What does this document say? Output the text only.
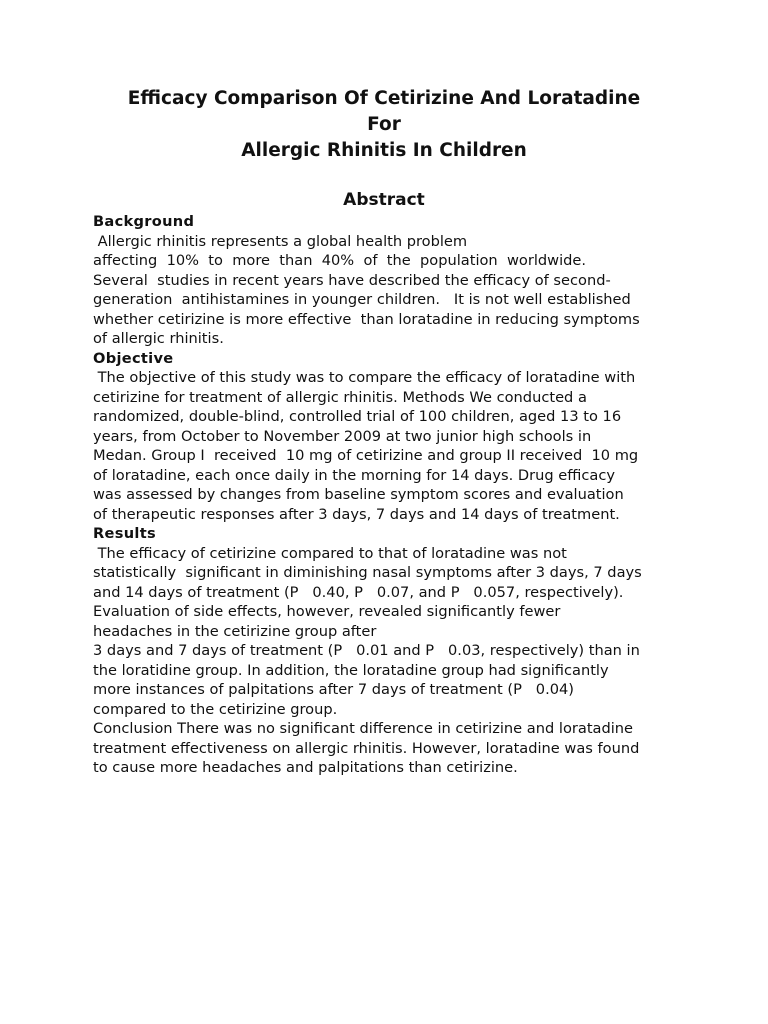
Efficacy Comparison Of Cetirizine And Loratadine
For
Allergic Rhinitis In Children
Abstract
Background
Allergic rhinitis represents a global health problem
affecting  10%  to  more  than  40%  of  the  population  worldwide.
Several  studies in recent years have described the efficacy of second-
generation  antihistamines in younger children.   It is not well established
whether cetirizine is more effective  than loratadine in reducing symptoms
of allergic rhinitis.
Objective
The objective of this study was to compare the efficacy of loratadine with
cetirizine for treatment of allergic rhinitis. Methods We conducted a
randomized, double-blind, controlled trial of 100 children, aged 13 to 16
years, from October to November 2009 at two junior high schools in
Medan. Group I  received  10 mg of cetirizine and group II received  10 mg
of loratadine, each once daily in the morning for 14 days. Drug efficacy
was assessed by changes from baseline symptom scores and evaluation
of therapeutic responses after 3 days, 7 days and 14 days of treatment.
Results
The efficacy of cetirizine compared to that of loratadine was not
statistically  significant in diminishing nasal symptoms after 3 days, 7 days
and 14 days of treatment (P   0.40, P   0.07, and P   0.057, respectively).
Evaluation of side effects, however, revealed significantly fewer
headaches in the cetirizine group after
3 days and 7 days of treatment (P   0.01 and P   0.03, respectively) than in
the loratidine group. In addition, the loratadine group had significantly
more instances of palpitations after 7 days of treatment (P   0.04)
compared to the cetirizine group.
Conclusion There was no significant difference in cetirizine and loratadine
treatment effectiveness on allergic rhinitis. However, loratadine was found
to cause more headaches and palpitations than cetirizine.
